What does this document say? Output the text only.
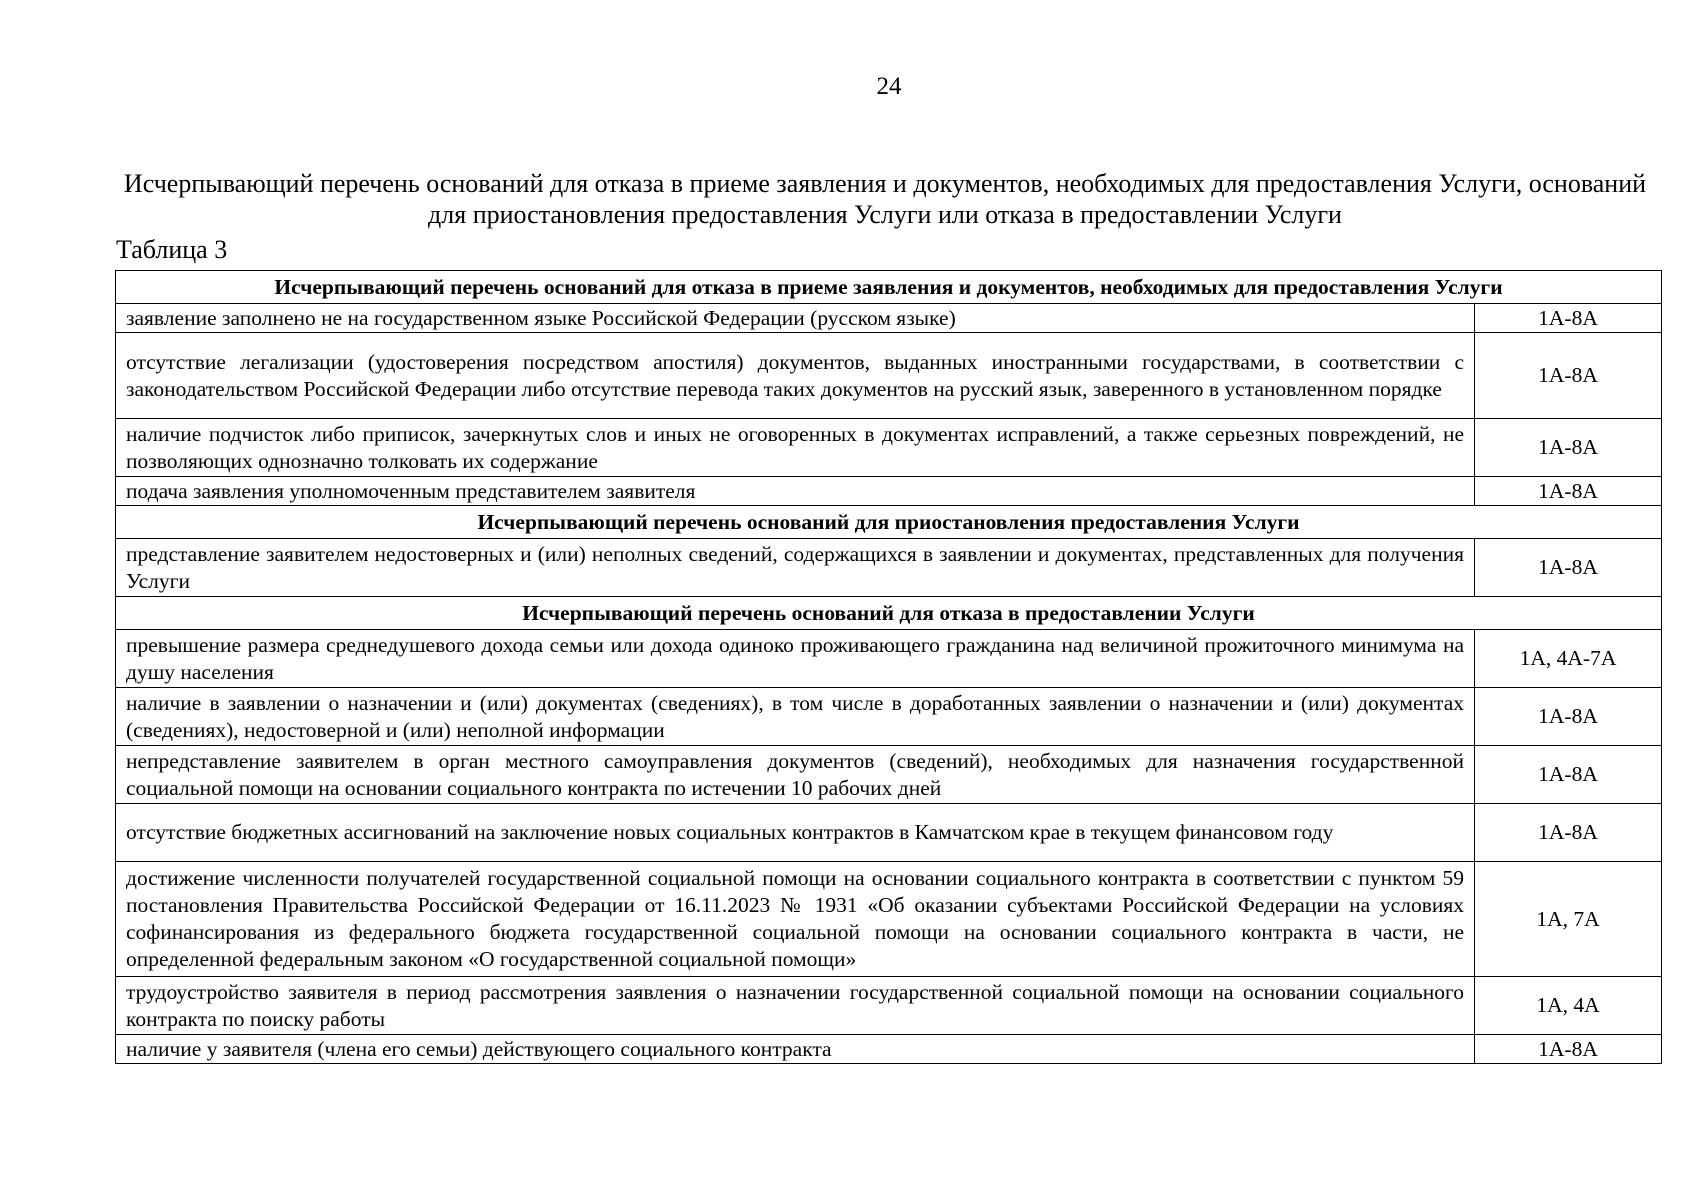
24
Исчерпывающий перечень оснований для отказа в приеме заявления и документов, необходимых для предоставления Услуги, оснований для приостановления предоставления Услуги или отказа в предоставлении Услуги
Таблица 3
Исчерпывающий перечень оснований для отказа в приеме заявления и документов, необходимых для предоставления Услуги	
заявление заполнено не на государственном языке Российской Федерации (русском языке)	1А-8А
отсутствие легализации (удостоверения посредством апостиля) документов, выданных иностранными государствами, в соответствии с законодательством Российской Федерации либо отсутствие перевода таких документов на русский язык, заверенного в установленном порядке	1А-8А
наличие подчисток либо приписок, зачеркнутых слов и иных не оговоренных в документах исправлений, а также серьезных повреждений, не позволяющих однозначно толковать их содержание	1А-8А
подача заявления уполномоченным представителем заявителя	1А-8А
Исчерпывающий перечень оснований для приостановления предоставления Услуги	
представление заявителем недостоверных и (или) неполных сведений, содержащихся в заявлении и документах, представленных для получения Услуги	1А-8А
Исчерпывающий перечень оснований для отказа в предоставлении Услуги	
превышение размера среднедушевого дохода семьи или дохода одиноко проживающего гражданина над величиной прожиточного минимума на душу населения	1А, 4А-7А
наличие в заявлении о назначении и (или) документах (сведениях), в том числе в доработанных заявлении о назначении и (или) документах (сведениях), недостоверной и (или) неполной информации	1А-8А
непредставление заявителем в орган местного самоуправления документов (сведений), необходимых для назначения государственной социальной помощи на основании социального контракта по истечении 10 рабочих дней	1А-8А
отсутствие бюджетных ассигнований на заключение новых социальных контрактов в Камчатском крае в текущем финансовом году	1А-8А
достижение численности получателей государственной социальной помощи на основании социального контракта в соответствии с пунктом 59 постановления Правительства Российской Федерации от 16.11.2023 № 1931 «Об оказании субъектами Российской Федерации на условиях софинансирования из федерального бюджета государственной социальной помощи на основании социального контракта в части, не определенной федеральным законом «О государственной социальной помощи»	1А, 7А
трудоустройство заявителя в период рассмотрения заявления о назначении государственной социальной помощи на основании социального контракта по поиску работы	1А, 4А
наличие у заявителя (члена его семьи) действующего социального контракта	1А-8А
